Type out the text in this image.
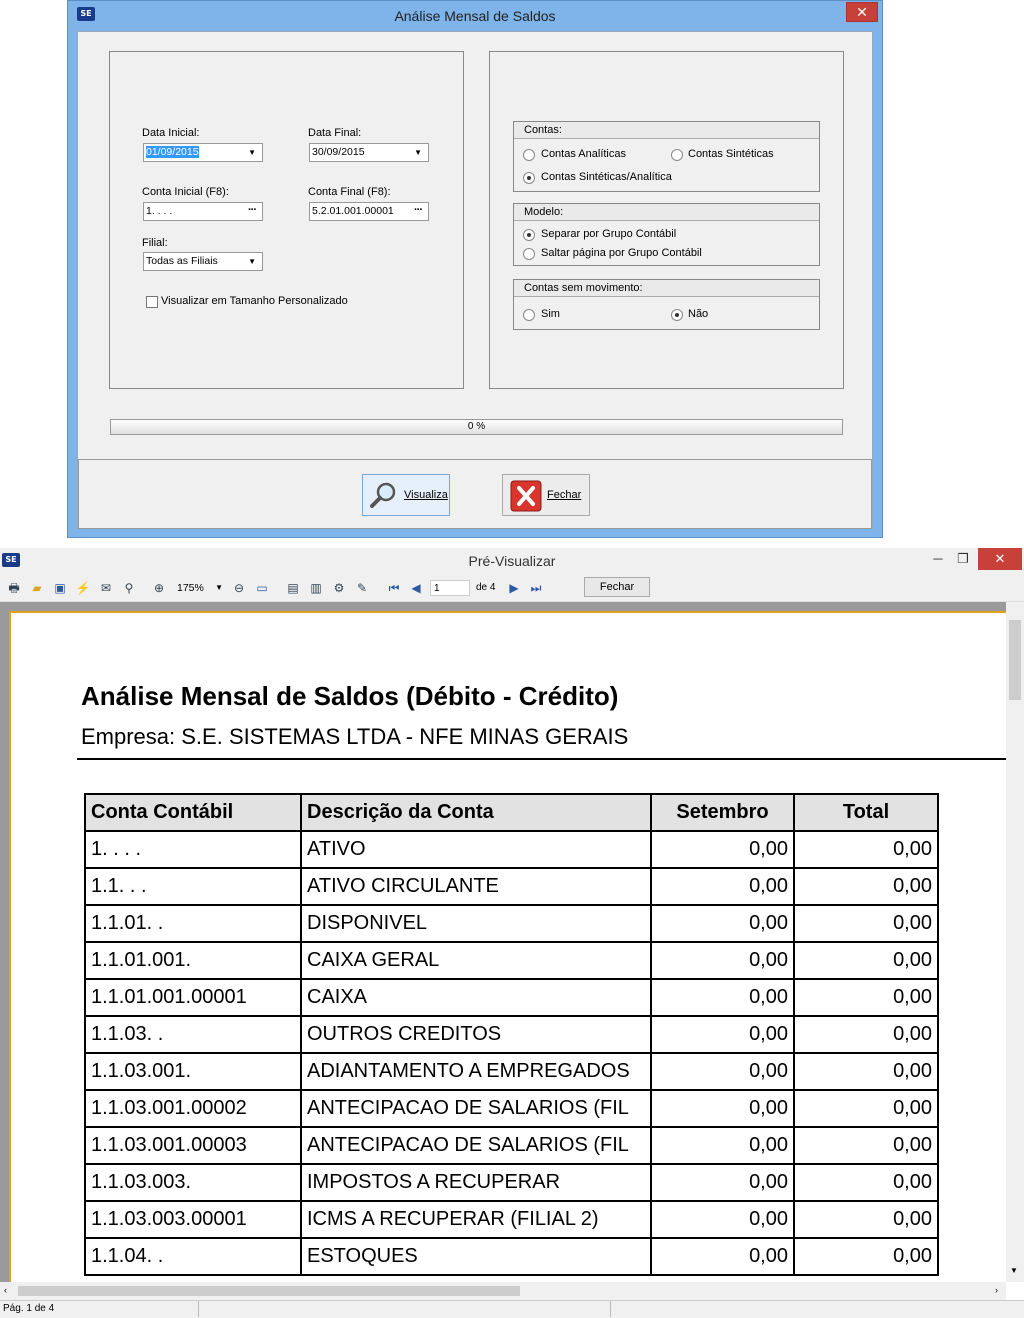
SE	Análise Mensal de Saldos	✕
Data Inicial:
01/09/2015	▼
Data Final:
30/09/2015	▼
Conta Inicial (F8):
1. . . .	···
Conta Final (F8):
5.2.01.001.00001 ···
Filial:
Todas as Filiais	▼
Visualizar em Tamanho Personalizado
Contas:
Contas Analíticas	Contas Sintéticas
Contas Sintéticas/Analítica
Modelo:
Separar por Grupo Contábil
Saltar página por Grupo Contábil
Contas sem movimento:
Sim	Não
0 %
Visualiza	Fechar
SE	Pré-Visualizar	─	❐	✕
🖶 ▰ ▣ ⚡ ✉ ⚲	⊕ 175% ▼ ⊖ ▭ ▤ ▥ ⚙ ✎ ⏮ ◀	1	de 4 ▶ ⏭	Fechar
Análise Mensal de Saldos (Débito - Crédito)
Empresa: S.E. SISTEMAS LTDA - NFE MINAS GERAIS
Conta Contábil	Descrição da Conta	Setembro	Total
1. . . .	ATIVO	0,00	0,00
1.1. . .	ATIVO CIRCULANTE	0,00	0,00
1.1.01. .	DISPONIVEL	0,00	0,00
1.1.01.001.	CAIXA GERAL	0,00	0,00
1.1.01.001.00001	CAIXA	0,00	0,00
1.1.03. .	OUTROS CREDITOS	0,00	0,00
1.1.03.001.	ADIANTAMENTO A EMPREGADOS	0,00	0,00
1.1.03.001.00002	ANTECIPACAO DE SALARIOS (FIL	0,00	0,00
1.1.03.001.00003	ANTECIPACAO DE SALARIOS (FIL	0,00	0,00
1.1.03.003.	IMPOSTOS A RECUPERAR	0,00	0,00
1.1.03.003.00001	ICMS A RECUPERAR (FILIAL 2)	0,00	0,00
1.1.04. .	ESTOQUES	0,00	0,00
▼
‹	›
Pág. 1 de 4
